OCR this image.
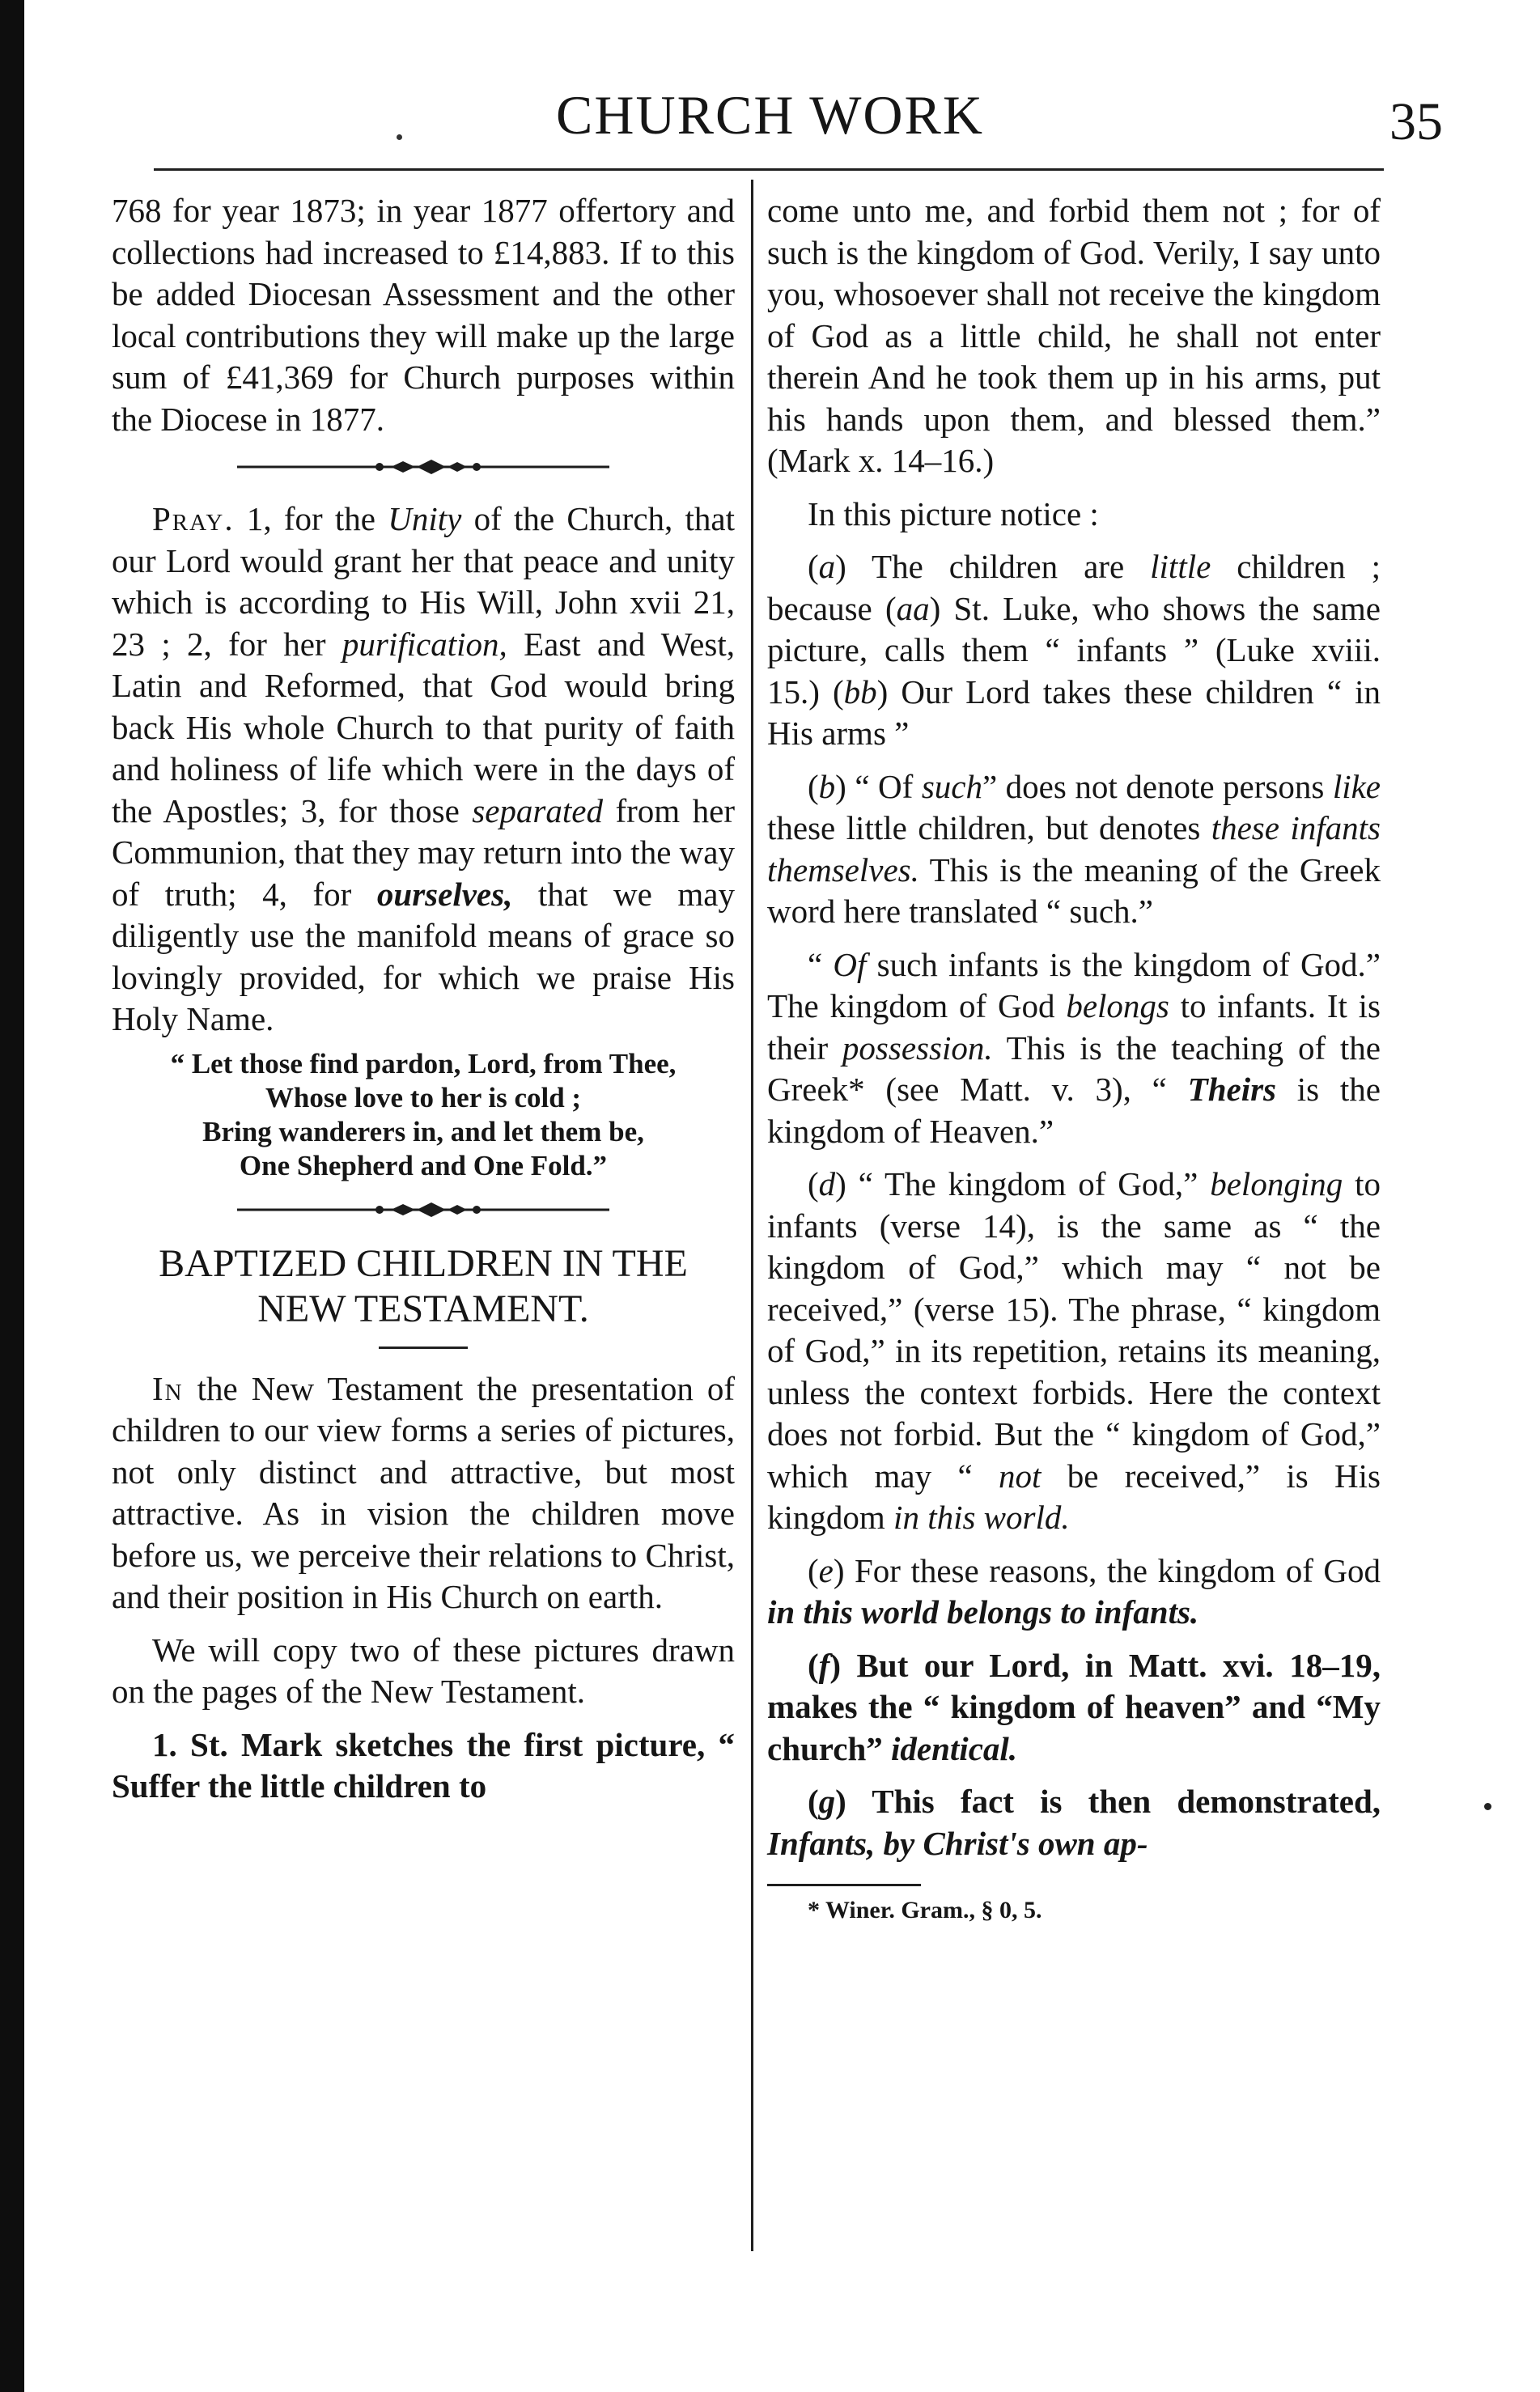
CHURCH WORK	35

768 for year 1873; in year 1877 offertory and collections had increased to £14,883. If to this be added Diocesan Assessment and the other local contributions they will make up the large sum of £41,369 for Church purposes within the Diocese in 1877.

Pray. 1, for the Unity of the Church, that our Lord would grant her that peace and unity which is according to His Will, John xvii 21, 23 ; 2, for her purification, East and West, Latin and Reformed, that God would bring back His whole Church to that purity of faith and holiness of life which were in the days of the Apostles; 3, for those separated from her Communion, that they may return into the way of truth; 4, for ourselves, that we may diligently use the manifold means of grace so lovingly provided, for which we praise His Holy Name.

“ Let those find pardon, Lord, from Thee,
Whose love to her is cold ;
Bring wanderers in, and let them be,
One Shepherd and One Fold.”
BAPTIZED CHILDREN IN THE NEW TESTAMENT.

In the New Testament the presentation of children to our view forms a series of pictures, not only distinct and attractive, but most attractive. As in vision the children move before us, we perceive their relations to Christ, and their position in His Church on earth.

We will copy two of these pictures drawn on the pages of the New Testament.

1. St. Mark sketches the first picture, “ Suffer the little children to

come unto me, and forbid them not ; for of such is the kingdom of God. Verily, I say unto you, whosoever shall not receive the kingdom of God as a little child, he shall not enter therein And he took them up in his arms, put his hands upon them, and blessed them.” (Mark x. 14–16.)

In this picture notice :

(a) The children are little children ; because (aa) St. Luke, who shows the same picture, calls them “ infants ” (Luke xviii. 15.) (bb) Our Lord takes these children “ in His arms ”

(b) “ Of such” does not denote persons like these little children, but denotes these infants themselves. This is the meaning of the Greek word here translated “ such.”

“ Of such infants is the kingdom of God.” The kingdom of God belongs to infants. It is their possession. This is the teaching of the Greek* (see Matt. v. 3), “ Theirs is the kingdom of Heaven.”

(d) “ The kingdom of God,” belonging to infants (verse 14), is the same as “ the kingdom of God,” which may “ not be received,” (verse 15). The phrase, “ kingdom of God,” in its repetition, retains its meaning, unless the context forbids. Here the context does not forbid. But the “ kingdom of God,” which may “ not be received,” is His kingdom in this world.

(e) For these reasons, the kingdom of God in this world belongs to infants.

(f) But our Lord, in Matt. xvi. 18–19, makes the “ kingdom of heaven” and “My church” identical.

(g) This fact is then demonstrated, Infants, by Christ's own ap-

* Winer. Gram., § 0, 5.
